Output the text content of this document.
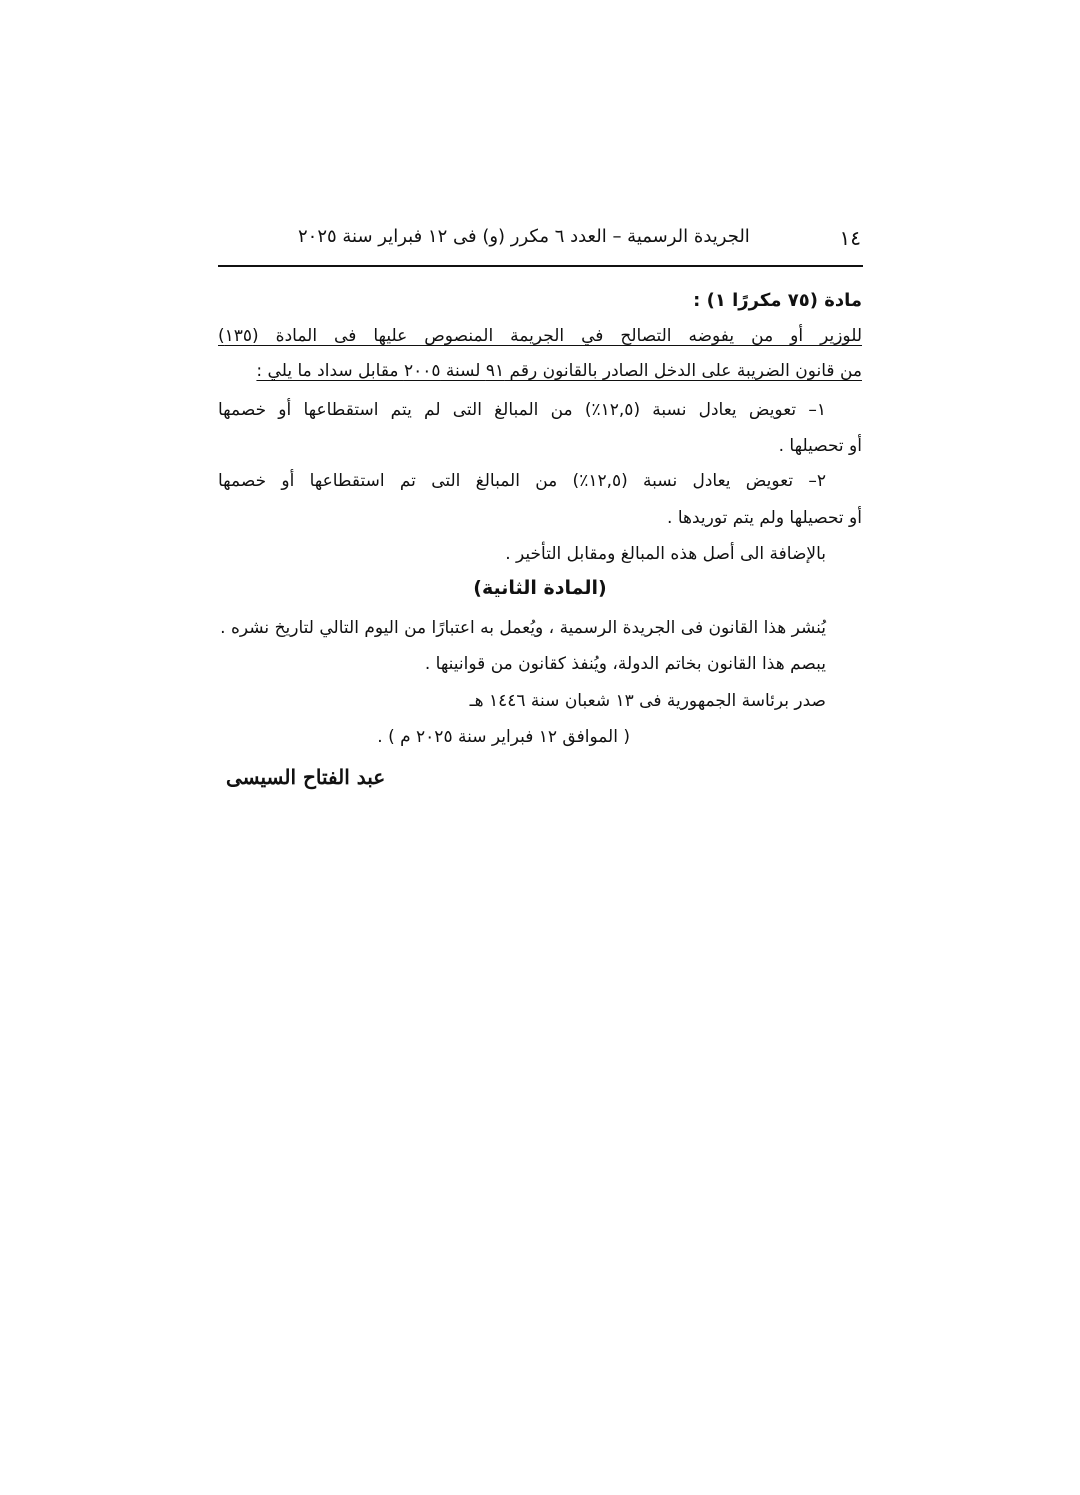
١٤
الجريدة الرسمية – العدد ٦ مكرر (و) فى ١٢ فبراير سنة ٢٠٢٥
مادة (٧٥ مكررًا ١) :
للوزير أو من يفوضه التصالح في الجريمة المنصوص عليها فى المادة (١٣٥)
من قانون الضريبة على الدخل الصادر بالقانون رقم ٩١ لسنة ٢٠٠٥ مقابل سداد ما يلي :
١– تعويض يعادل نسبة (١٢,٥٪) من المبالغ التى لم يتم استقطاعها أو خصمها
أو تحصيلها .
٢– تعويض يعادل نسبة (١٢,٥٪) من المبالغ التى تم استقطاعها أو خصمها
أو تحصيلها ولم يتم توريدها .
بالإضافة الى أصل هذه المبالغ ومقابل التأخير .
(المادة الثانية)
يُنشر هذا القانون فى الجريدة الرسمية ، ويُعمل به اعتبارًا من اليوم التالي لتاريخ نشره .
يبصم هذا القانون بخاتم الدولة، ويُنفذ كقانون من قوانينها .
صدر برئاسة الجمهورية فى ١٣ شعبان سنة ١٤٤٦ هـ
( الموافق ١٢ فبراير سنة ٢٠٢٥ م ) .
عبد الفتاح السيسى
